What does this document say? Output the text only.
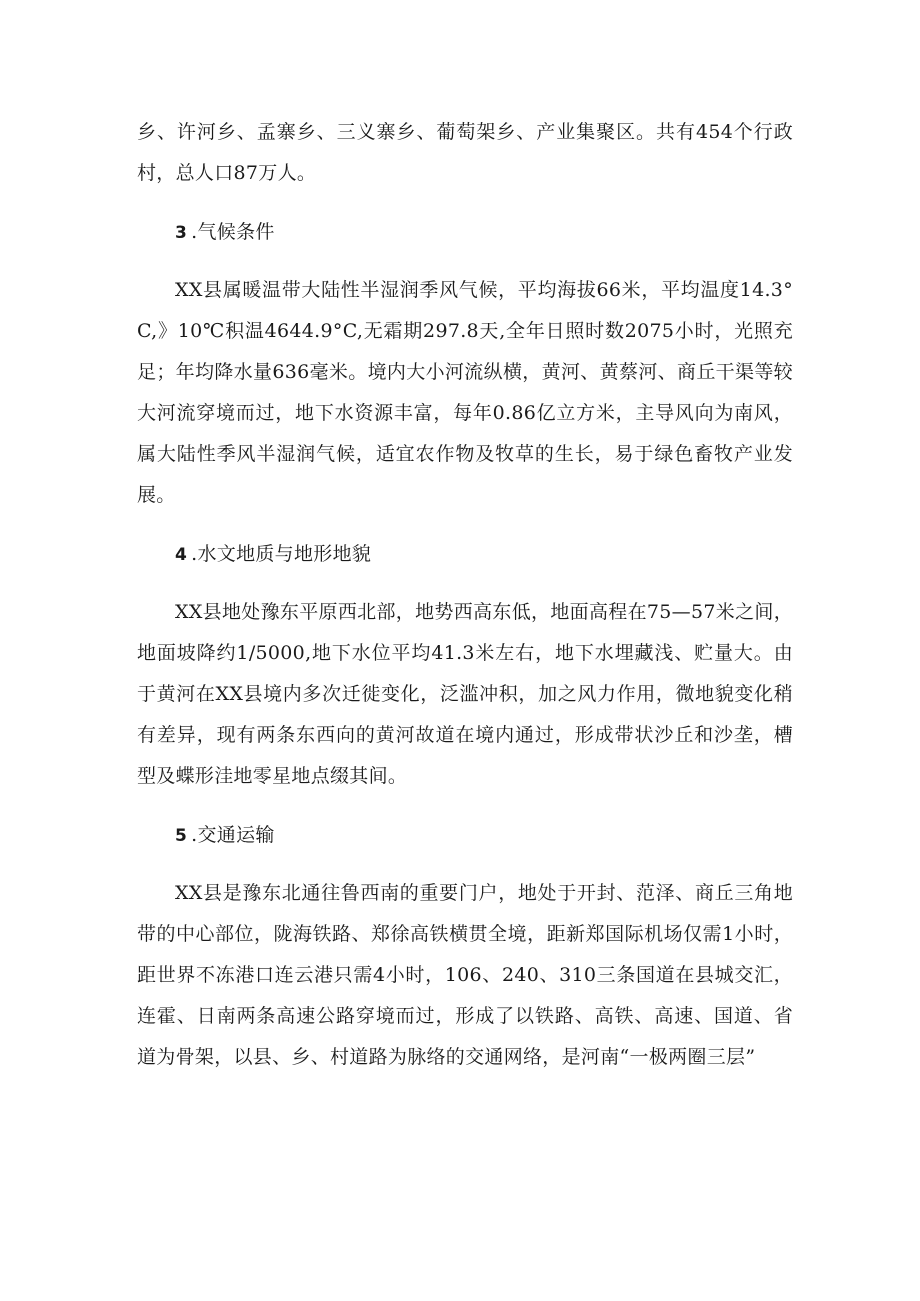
乡、许河乡、孟寨乡、三义寨乡、葡萄架乡、产业集聚区。共有454个行政村，总人口87万人。

3 .气候条件

XX县属暖温带大陆性半湿润季风气候，平均海拔66米，平均温度14.3°C,》10℃积温4644.9°C,无霜期297.8天,全年日照时数2075小时，光照充足；年均降水量636毫米。境内大小河流纵横，黄河、黄蔡河、商丘干渠等较大河流穿境而过，地下水资源丰富，每年0.86亿立方米，主导风向为南风，属大陆性季风半湿润气候，适宜农作物及牧草的生长，易于绿色畜牧产业发展。

4 .水文地质与地形地貌

XX县地处豫东平原西北部，地势西高东低，地面高程在75—57米之间，地面坡降约1/5000,地下水位平均41.3米左右，地下水埋藏浅、贮量大。由于黄河在XX县境内多次迁徙变化，泛滥冲积，加之风力作用，微地貌变化稍有差异，现有两条东西向的黄河故道在境内通过，形成带状沙丘和沙垄，槽型及蝶形洼地零星地点缀其间。

5 .交通运输

XX县是豫东北通往鲁西南的重要门户，地处于开封、范泽、商丘三角地带的中心部位，陇海铁路、郑徐高铁横贯全境，距新郑国际机场仅需1小时，距世界不冻港口连云港只需4小时，106、240、310三条国道在县城交汇，连霍、日南两条高速公路穿境而过，形成了以铁路、高铁、高速、国道、省道为骨架，以县、乡、村道路为脉络的交通网络，是河南“一极两圈三层”
